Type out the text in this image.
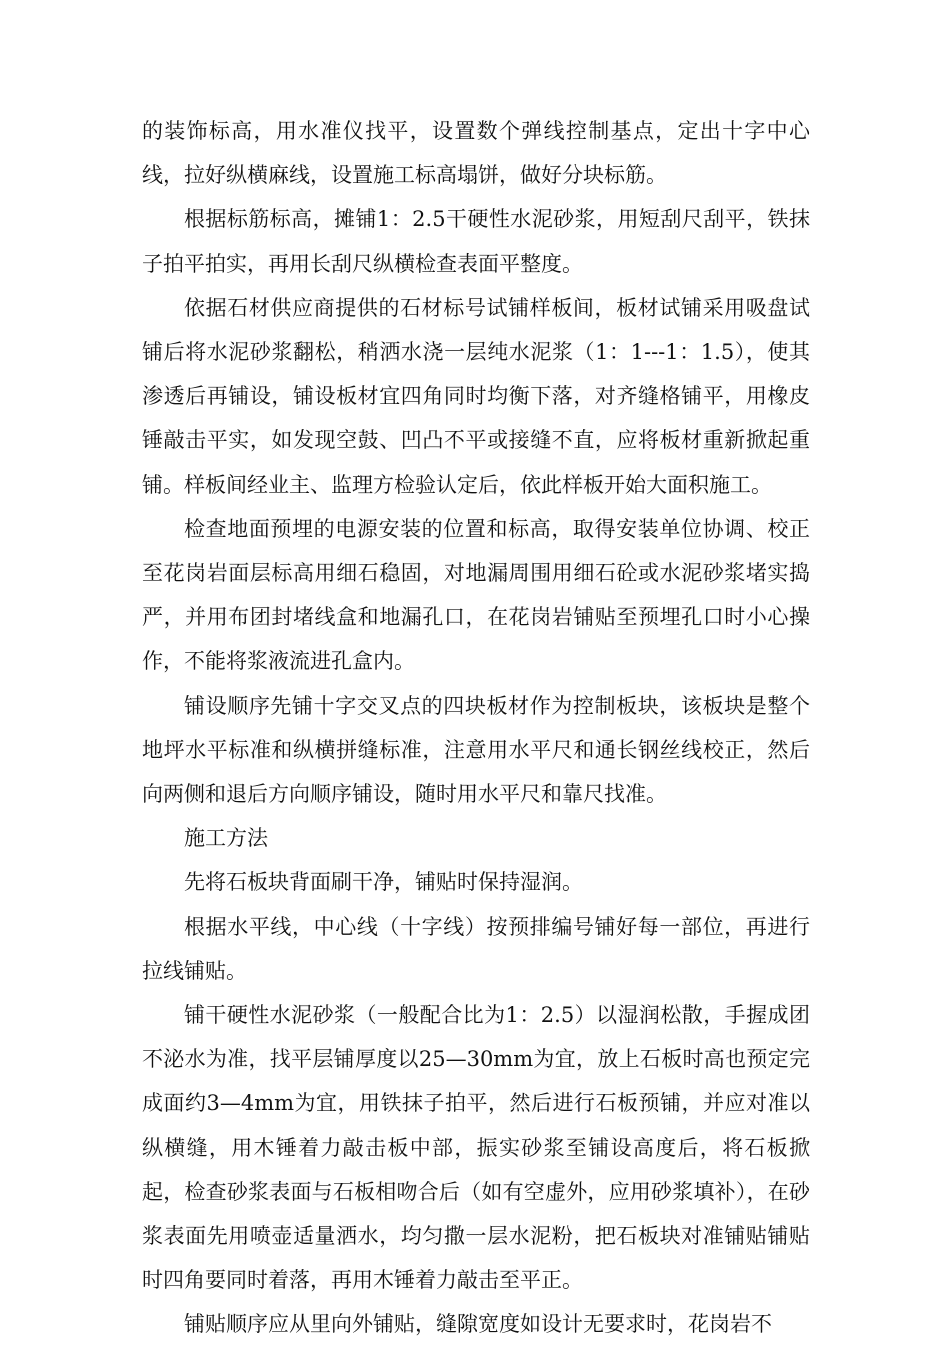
的装饰标高，用水准仪找平，设置数个弹线控制基点，定出十字中心线，拉好纵横麻线，设置施工标高塌饼，做好分块标筋。

根据标筋标高，摊铺1：2.5干硬性水泥砂浆，用短刮尺刮平，铁抹子拍平拍实，再用长刮尺纵横检查表面平整度。

依据石材供应商提供的石材标号试铺样板间，板材试铺采用吸盘试铺后将水泥砂浆翻松，稍洒水浇一层纯水泥浆（1：1---1：1.5），使其渗透后再铺设，铺设板材宜四角同时均衡下落，对齐缝格铺平，用橡皮锤敲击平实，如发现空鼓、凹凸不平或接缝不直，应将板材重新掀起重铺。样板间经业主、监理方检验认定后，依此样板开始大面积施工。

检查地面预埋的电源安装的位置和标高，取得安装单位协调、校正至花岗岩面层标高用细石稳固，对地漏周围用细石砼或水泥砂浆堵实捣严，并用布团封堵线盒和地漏孔口，在花岗岩铺贴至预埋孔口时小心操作，不能将浆液流进孔盒内。

铺设顺序先铺十字交叉点的四块板材作为控制板块，该板块是整个地坪水平标准和纵横拼缝标准，注意用水平尺和通长钢丝线校正，然后向两侧和退后方向顺序铺设，随时用水平尺和靠尺找准。

施工方法

先将石板块背面刷干净，铺贴时保持湿润。

根据水平线，中心线（十字线）按预排编号铺好每一部位，再进行拉线铺贴。

铺干硬性水泥砂浆（一般配合比为1：2.5）以湿润松散，手握成团不泌水为准，找平层铺厚度以25—30mm为宜，放上石板时高也预定完成面约3—4mm为宜，用铁抹子拍平，然后进行石板预铺，并应对准以纵横缝，用木锤着力敲击板中部，振实砂浆至铺设高度后，将石板掀起，检查砂浆表面与石板相吻合后（如有空虚外，应用砂浆填补），在砂浆表面先用喷壶适量洒水，均匀撒一层水泥粉，把石板块对准铺贴铺贴时四角要同时着落，再用木锤着力敲击至平正。

铺贴顺序应从里向外铺贴，缝隙宽度如设计无要求时，花岗岩不
